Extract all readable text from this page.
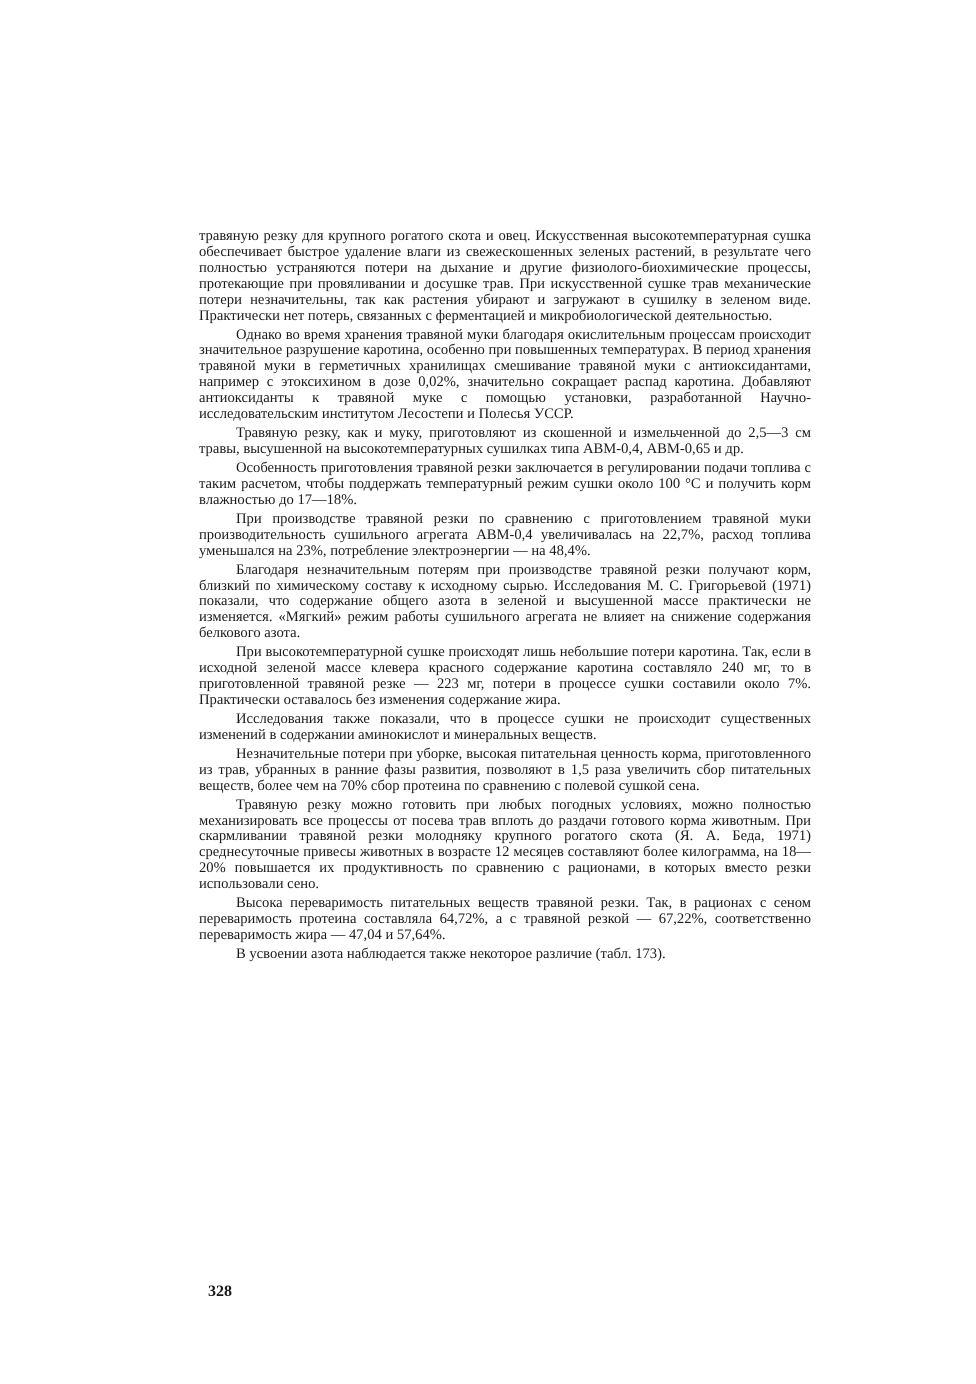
травяную резку для крупного рогатого скота и овец. Искусственная высокотемпературная сушка обеспечивает быстрое удаление влаги из свежескошенных зеленых растений, в результате чего полностью устраняются потери на дыхание и другие физиолого-биохимические процессы, протекающие при провяливании и досушке трав. При искусственной сушке трав механические потери незначительны, так как растения убирают и загружают в сушилку в зеленом виде. Практически нет потерь, связанных с ферментацией и микробиологической деятельностью.

Однако во время хранения травяной муки благодаря окислительным процессам происходит значительное разрушение каротина, особенно при повышенных температурах. В период хранения травяной муки в герметичных хранилищах смешивание травяной муки с антиоксидантами, например с этоксихином в дозе 0,02%, значительно сокращает распад каротина. Добавляют антиоксиданты к травяной муке с помощью установки, разработанной Научно-исследовательским институтом Лесостепи и Полесья УССР.

Травяную резку, как и муку, приготовляют из скошенной и измельченной до 2,5—3 см травы, высушенной на высокотемпературных сушилках типа АВМ-0,4, АВМ-0,65 и др.

Особенность приготовления травяной резки заключается в регулировании подачи топлива с таким расчетом, чтобы поддержать температурный режим сушки около 100 °С и получить корм влажностью до 17—18%.

При производстве травяной резки по сравнению с приготовлением травяной муки производительность сушильного агрегата АВМ-0,4 увеличивалась на 22,7%, расход топлива уменьшался на 23%, потребление электроэнергии — на 48,4%.

Благодаря незначительным потерям при производстве травяной резки получают корм, близкий по химическому составу к исходному сырью. Исследования М. С. Григорьевой (1971) показали, что содержание общего азота в зеленой и высушенной массе практически не изменяется. «Мягкий» режим работы сушильного агрегата не влияет на снижение содержания белкового азота.

При высокотемпературной сушке происходят лишь небольшие потери каротина. Так, если в исходной зеленой массе клевера красного содержание каротина составляло 240 мг, то в приготовленной травяной резке — 223 мг, потери в процессе сушки составили около 7%. Практически оставалось без изменения содержание жира.

Исследования также показали, что в процессе сушки не происходит существенных изменений в содержании аминокислот и минеральных веществ.

Незначительные потери при уборке, высокая питательная ценность корма, приготовленного из трав, убранных в ранние фазы развития, позволяют в 1,5 раза увеличить сбор питательных веществ, более чем на 70% сбор протеина по сравнению с полевой сушкой сена.

Травяную резку можно готовить при любых погодных условиях, можно полностью механизировать все процессы от посева трав вплоть до раздачи готового корма животным. При скармливании травяной резки молодняку крупного рогатого скота (Я. А. Беда, 1971) среднесуточные привесы животных в возрасте 12 месяцев составляют более килограмма, на 18—20% повышается их продуктивность по сравнению с рационами, в которых вместо резки использовали сено.

Высока переваримость питательных веществ травяной резки. Так, в рационах с сеном переваримость протеина составляла 64,72%, а с травяной резкой — 67,22%, соответственно переваримость жира — 47,04 и 57,64%.

В усвоении азота наблюдается также некоторое различие (табл. 173).

328
